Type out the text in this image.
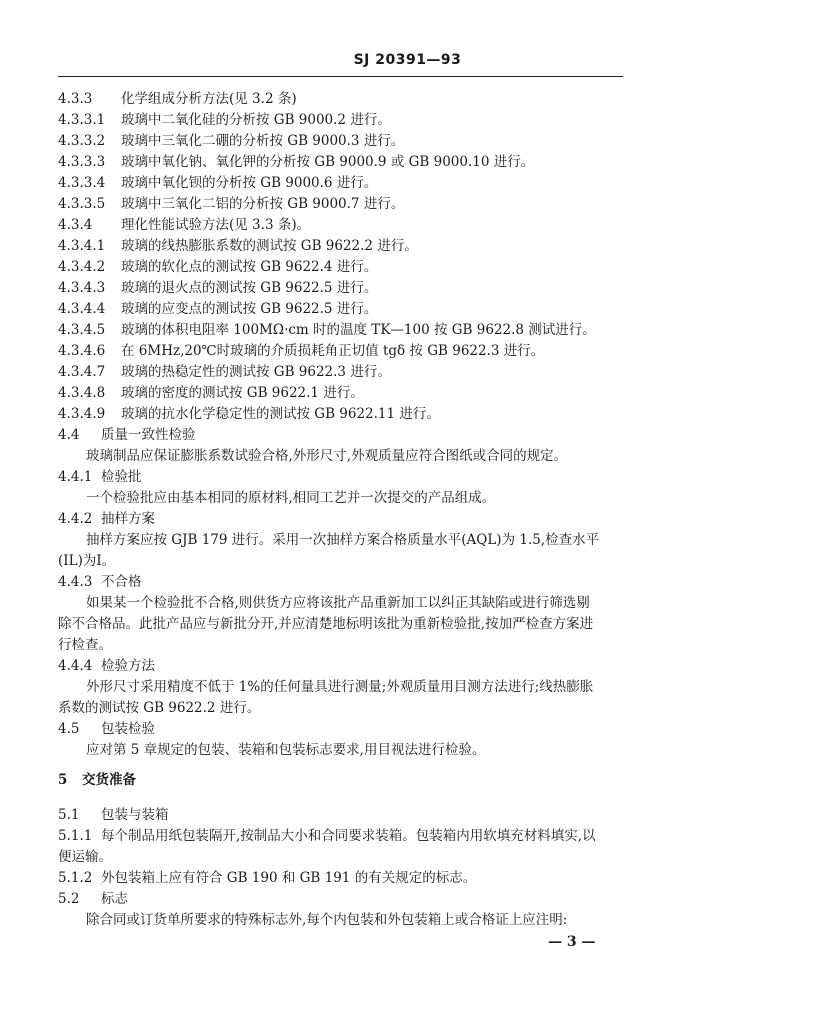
SJ 20391—93
4.3.3 化学组成分析方法(见 3.2 条)
4.3.3.1 玻璃中二氧化硅的分析按 GB 9000.2 进行。
4.3.3.2 玻璃中三氧化二硼的分析按 GB 9000.3 进行。
4.3.3.3 玻璃中氧化钠、氧化钾的分析按 GB 9000.9 或 GB 9000.10 进行。
4.3.3.4 玻璃中氧化钡的分析按 GB 9000.6 进行。
4.3.3.5 玻璃中三氧化二铝的分析按 GB 9000.7 进行。
4.3.4 理化性能试验方法(见 3.3 条)。
4.3.4.1 玻璃的线热膨胀系数的测试按 GB 9622.2 进行。
4.3.4.2 玻璃的软化点的测试按 GB 9622.4 进行。
4.3.4.3 玻璃的退火点的测试按 GB 9622.5 进行。
4.3.4.4 玻璃的应变点的测试按 GB 9622.5 进行。
4.3.4.5 玻璃的体积电阻率 100MΩ·cm 时的温度 TK—100 按 GB 9622.8 测试进行。
4.3.4.6 在 6MHz,20℃时玻璃的介质损耗角正切值 tgδ 按 GB 9622.3 进行。
4.3.4.7 玻璃的热稳定性的测试按 GB 9622.3 进行。
4.3.4.8 玻璃的密度的测试按 GB 9622.1 进行。
4.3.4.9 玻璃的抗水化学稳定性的测试按 GB 9622.11 进行。
4.4 质量一致性检验
玻璃制品应保证膨胀系数试验合格,外形尺寸,外观质量应符合图纸或合同的规定。
4.4.1 检验批
一个检验批应由基本相同的原材料,相同工艺并一次提交的产品组成。
4.4.2 抽样方案
抽样方案应按 GJB 179 进行。采用一次抽样方案合格质量水平(AQL)为 1.5,检查水平
(IL)为Ⅰ。
4.4.3 不合格
如果某一个检验批不合格,则供货方应将该批产品重新加工以纠正其缺陷或进行筛选剔
除不合格品。此批产品应与新批分开,并应清楚地标明该批为重新检验批,按加严检查方案进
行检查。
4.4.4 检验方法
外形尺寸采用精度不低于 1%的任何量具进行测量;外观质量用目测方法进行;线热膨胀
系数的测试按 GB 9622.2 进行。
4.5 包装检验
应对第 5 章规定的包装、装箱和包装标志要求,用目视法进行检验。
5 交货准备
5.1 包装与装箱
5.1.1 每个制品用纸包装隔开,按制品大小和合同要求装箱。包装箱内用软填充材料填实,以
便运输。
5.1.2 外包装箱上应有符合 GB 190 和 GB 191 的有关规定的标志。
5.2 标志
除合同或订货单所要求的特殊标志外,每个内包装和外包装箱上或合格证上应注明:
— 3 —
